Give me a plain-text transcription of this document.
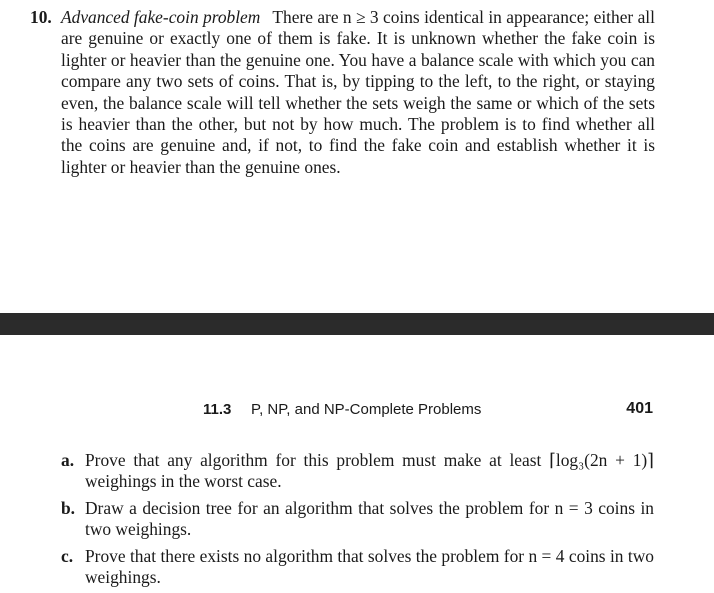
10. Advanced fake-coin problem There are n ≥ 3 coins identical in appearance; either all are genuine or exactly one of them is fake. It is unknown whether the fake coin is lighter or heavier than the genuine one. You have a balance scale with which you can compare any two sets of coins. That is, by tipping to the left, to the right, or staying even, the balance scale will tell whether the sets weigh the same or which of the sets is heavier than the other, but not by how much. The problem is to find whether all the coins are genuine and, if not, to find the fake coin and establish whether it is lighter or heavier than the genuine ones.
11.3 P, NP, and NP-Complete Problems	401
a. Prove that any algorithm for this problem must make at least ⌈log₃(2n + 1)⌉ weighings in the worst case.
b. Draw a decision tree for an algorithm that solves the problem for n = 3 coins in two weighings.
c. Prove that there exists no algorithm that solves the problem for n = 4 coins in two weighings.
